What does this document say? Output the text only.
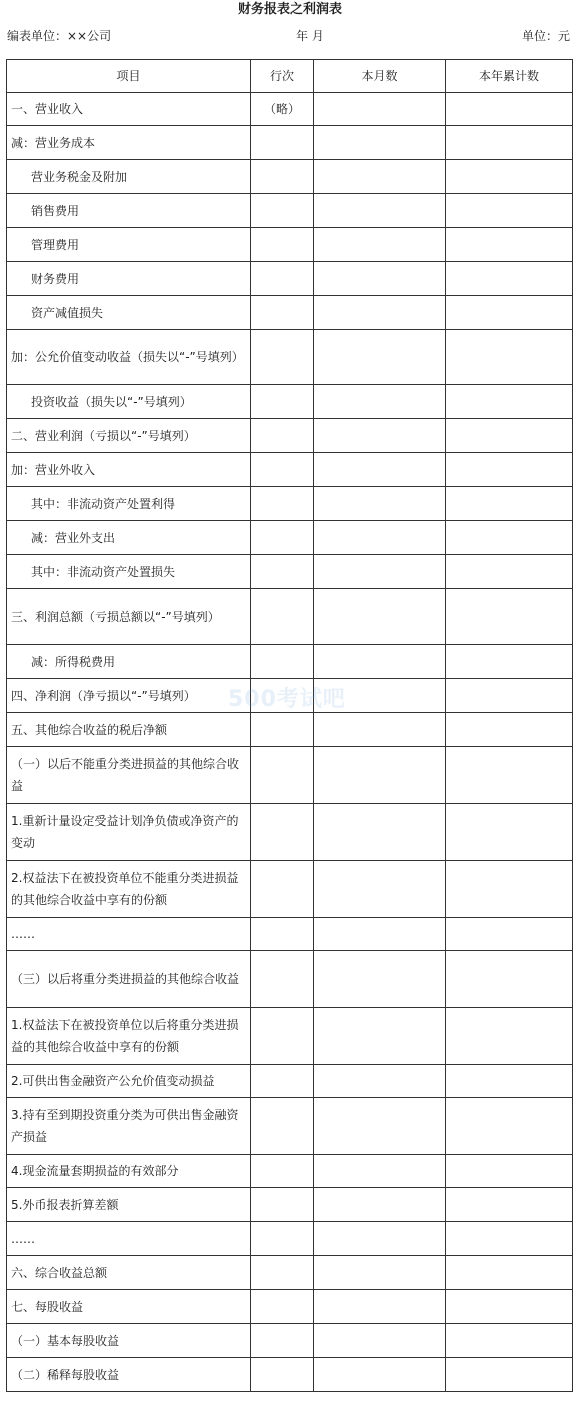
财务报表之利润表
编表单位：××公司	年 月	单位：元
项目	行次	本月数	本年累计数
一、营业收入	（略）		
减：营业务成本			
营业务税金及附加			
销售费用			
管理费用			
财务费用			
资产减值损失			
加：公允价值变动收益（损失以“-”号填列）			
投资收益（损失以“-”号填列）			
二、营业利润（亏损以“-”号填列）			
加：营业外收入			
其中：非流动资产处置利得			
减：营业外支出			
其中：非流动资产处置损失			
三、利润总额（亏损总额以“-”号填列）			
减：所得税费用			
四、净利润（净亏损以“-”号填列）			
五、其他综合收益的税后净额			
（一）以后不能重分类进损益的其他综合收益			
1.重新计量设定受益计划净负债或净资产的变动			
2.权益法下在被投资单位不能重分类进损益的其他综合收益中享有的份额			
……			
（三）以后将重分类进损益的其他综合收益			
1.权益法下在被投资单位以后将重分类进损益的其他综合收益中享有的份额			
2.可供出售金融资产公允价值变动损益			
3.持有至到期投资重分类为可供出售金融资产损益			
4.现金流量套期损益的有效部分			
5.外币报表折算差额			
……			
六、综合收益总额			
七、每股收益			
（一）基本每股收益			
（二）稀释每股收益			
500考试吧
